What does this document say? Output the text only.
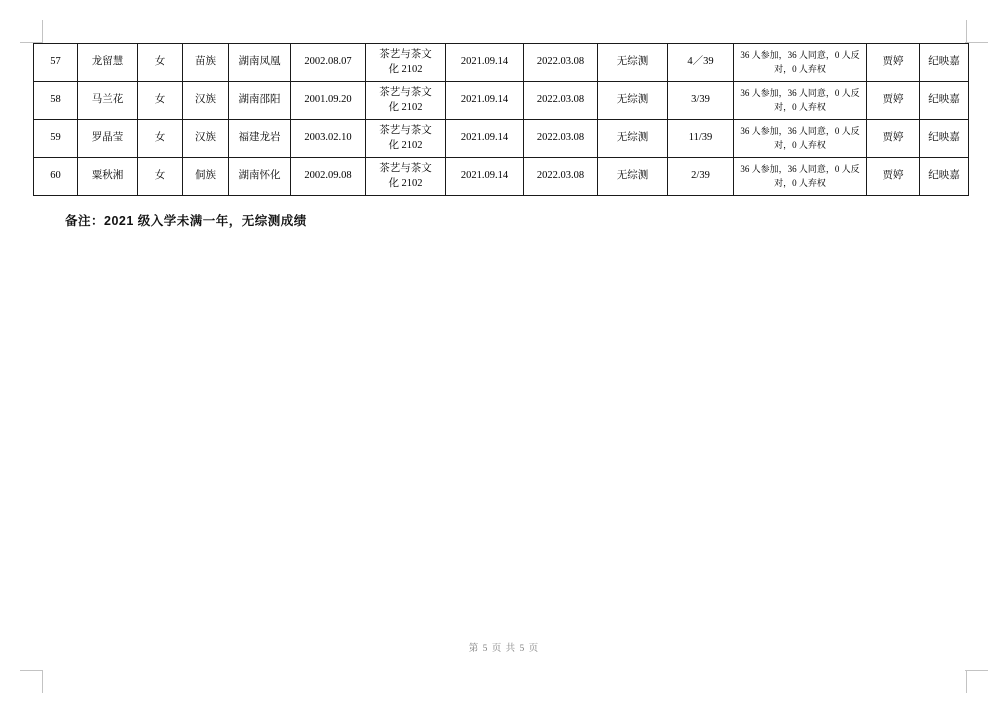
57	龙留慧	女	苗族	湖南凤凰	2002.08.07	茶艺与茶文化 2102	2021.09.14	2022.03.08	无综测	4／39	36 人参加，36 人同意，0 人反对，0 人弃权	贾婷	纪映嘉
58	马兰花	女	汉族	湖南邵阳	2001.09.20	茶艺与茶文化 2102	2021.09.14	2022.03.08	无综测	3/39	36 人参加，36 人同意，0 人反对，0 人弃权	贾婷	纪映嘉
59	罗晶莹	女	汉族	福建龙岩	2003.02.10	茶艺与茶文化 2102	2021.09.14	2022.03.08	无综测	11/39	36 人参加，36 人同意，0 人反对，0 人弃权	贾婷	纪映嘉
60	粟秋湘	女	侗族	湖南怀化	2002.09.08	茶艺与茶文化 2102	2021.09.14	2022.03.08	无综测	2/39	36 人参加，36 人同意，0 人反对，0 人弃权	贾婷	纪映嘉
备注：2021 级入学未满一年，无综测成绩
第 5 页 共 5 页
